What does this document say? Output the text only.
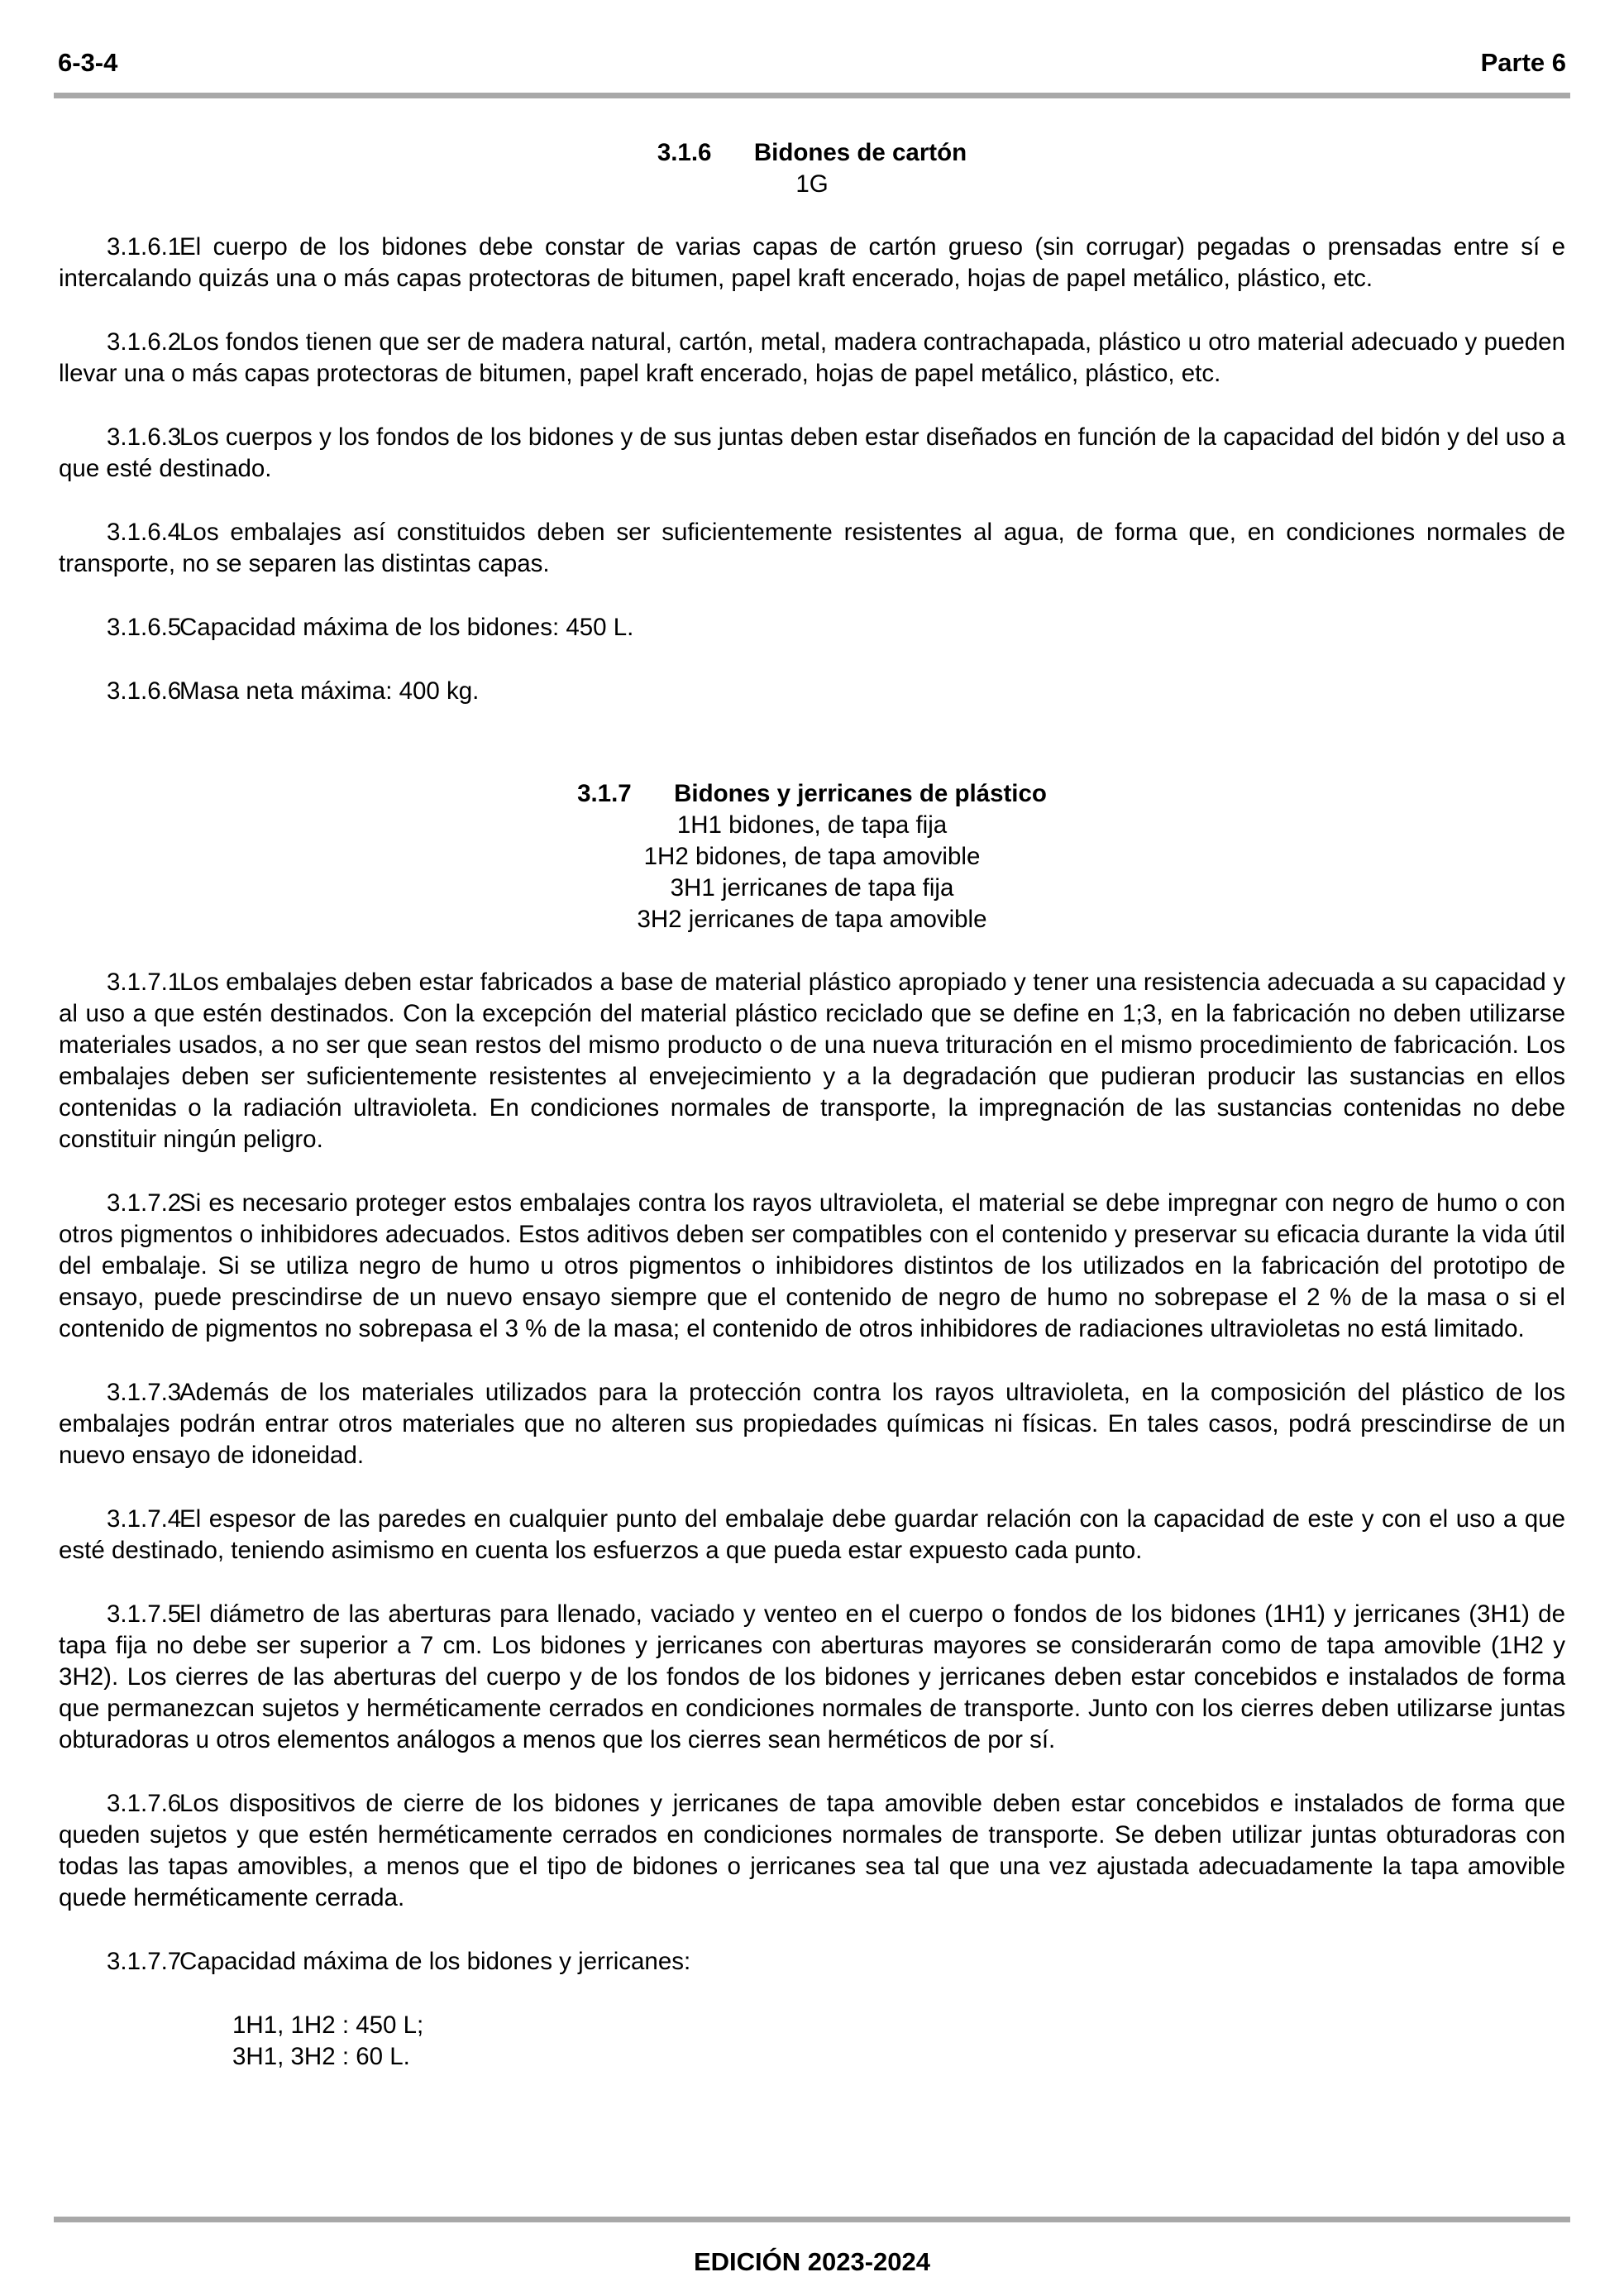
6-3-4	Parte 6
3.1.6 Bidones de cartón
1G

3.1.6.1El cuerpo de los bidones debe constar de varias capas de cartón grueso (sin corrugar) pegadas o prensadas entre sí e intercalando quizás una o más capas protectoras de bitumen, papel kraft encerado, hojas de papel metálico, plástico, etc.

3.1.6.2Los fondos tienen que ser de madera natural, cartón, metal, madera contrachapada, plástico u otro material adecuado y pueden llevar una o más capas protectoras de bitumen, papel kraft encerado, hojas de papel metálico, plástico, etc.

3.1.6.3Los cuerpos y los fondos de los bidones y de sus juntas deben estar diseñados en función de la capacidad del bidón y del uso a que esté destinado.

3.1.6.4Los embalajes así constituidos deben ser suficientemente resistentes al agua, de forma que, en condiciones normales de transporte, no se separen las distintas capas.

3.1.6.5Capacidad máxima de los bidones: 450 L.

3.1.6.6Masa neta máxima: 400 kg.

3.1.7 Bidones y jerricanes de plástico
1H1 bidones, de tapa fija
1H2 bidones, de tapa amovible
3H1 jerricanes de tapa fija
3H2 jerricanes de tapa amovible

3.1.7.1Los embalajes deben estar fabricados a base de material plástico apropiado y tener una resistencia adecuada a su capacidad y al uso a que estén destinados. Con la excepción del material plástico reciclado que se define en 1;3, en la fabricación no deben utilizarse materiales usados, a no ser que sean restos del mismo producto o de una nueva trituración en el mismo procedimiento de fabricación. Los embalajes deben ser suficientemente resistentes al envejecimiento y a la degradación que pudieran producir las sustancias en ellos contenidas o la radiación ultravioleta. En condiciones normales de transporte, la impregnación de las sustancias contenidas no debe constituir ningún peligro.

3.1.7.2Si es necesario proteger estos embalajes contra los rayos ultravioleta, el material se debe impregnar con negro de humo o con otros pigmentos o inhibidores adecuados. Estos aditivos deben ser compatibles con el contenido y preservar su eficacia durante la vida útil del embalaje. Si se utiliza negro de humo u otros pigmentos o inhibidores distintos de los utilizados en la fabricación del prototipo de ensayo, puede prescindirse de un nuevo ensayo siempre que el contenido de negro de humo no sobrepase el 2 % de la masa o si el contenido de pigmentos no sobrepasa el 3 % de la masa; el contenido de otros inhibidores de radiaciones ultravioletas no está limitado.

3.1.7.3Además de los materiales utilizados para la protección contra los rayos ultravioleta, en la composición del plástico de los embalajes podrán entrar otros materiales que no alteren sus propiedades químicas ni físicas. En tales casos, podrá prescindirse de un nuevo ensayo de idoneidad.

3.1.7.4El espesor de las paredes en cualquier punto del embalaje debe guardar relación con la capacidad de este y con el uso a que esté destinado, teniendo asimismo en cuenta los esfuerzos a que pueda estar expuesto cada punto.

3.1.7.5El diámetro de las aberturas para llenado, vaciado y venteo en el cuerpo o fondos de los bidones (1H1) y jerricanes (3H1) de tapa fija no debe ser superior a 7 cm. Los bidones y jerricanes con aberturas mayores se considerarán como de tapa amovible (1H2 y 3H2). Los cierres de las aberturas del cuerpo y de los fondos de los bidones y jerricanes deben estar concebidos e instalados de forma que permanezcan sujetos y herméticamente cerrados en condiciones normales de transporte. Junto con los cierres deben utilizarse juntas obturadoras u otros elementos análogos a menos que los cierres sean herméticos de por sí.

3.1.7.6Los dispositivos de cierre de los bidones y jerricanes de tapa amovible deben estar concebidos e instalados de forma que queden sujetos y que estén herméticamente cerrados en condiciones normales de transporte. Se deben utilizar juntas obturadoras con todas las tapas amovibles, a menos que el tipo de bidones o jerricanes sea tal que una vez ajustada adecuadamente la tapa amovible quede herméticamente cerrada.

3.1.7.7Capacidad máxima de los bidones y jerricanes:

1H1, 1H2 : 450 L;
3H1, 3H2 : 60 L.
EDICIÓN 2023-2024
